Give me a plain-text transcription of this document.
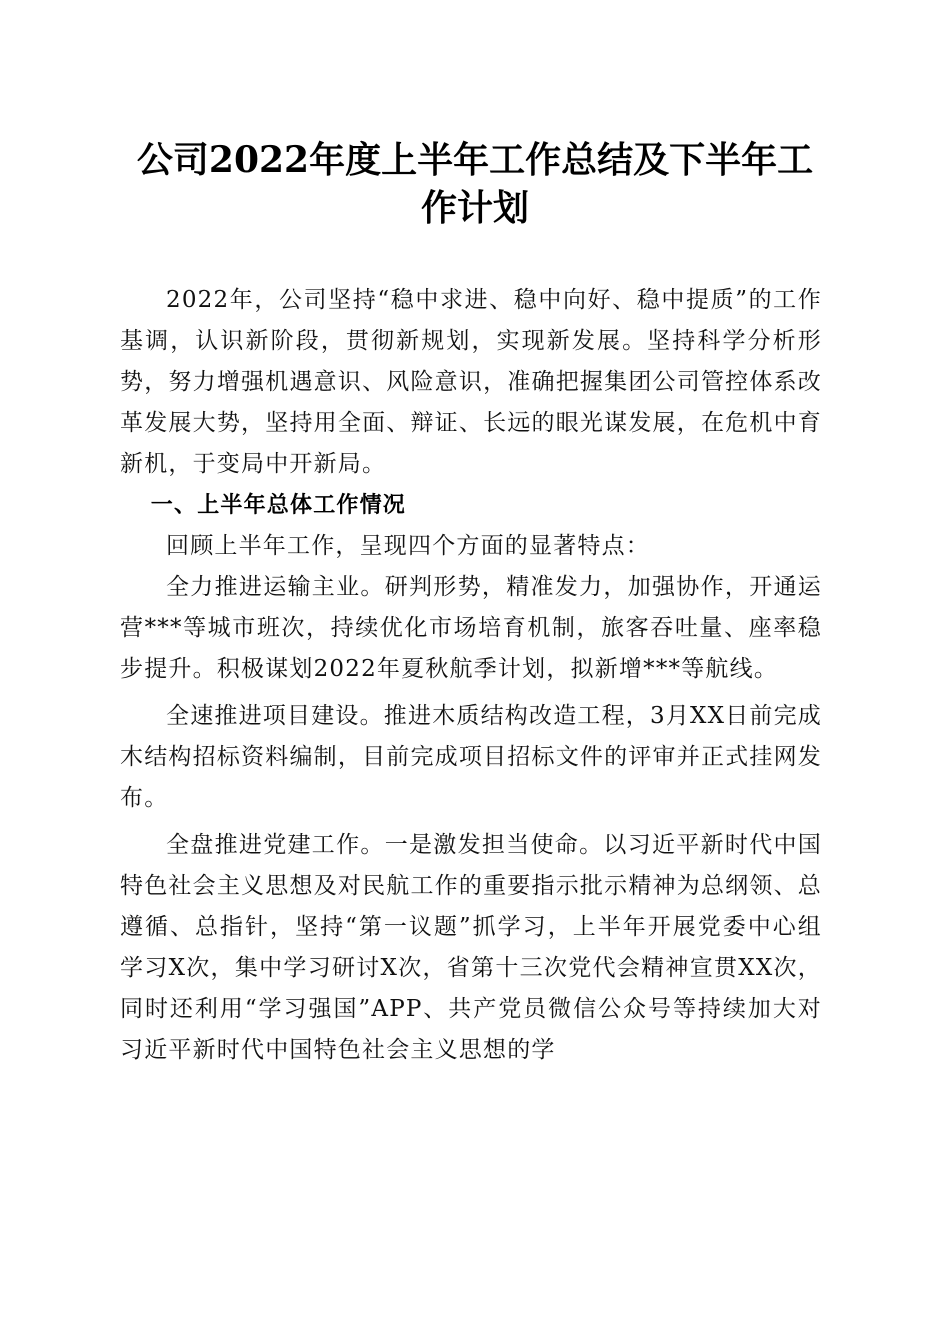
公司2022年度上半年工作总结及下半年工作计划

2022年，公司坚持“稳中求进、稳中向好、稳中提质”的工作基调，认识新阶段，贯彻新规划，实现新发展。坚持科学分析形势，努力增强机遇意识、风险意识，准确把握集团公司管控体系改革发展大势，坚持用全面、辩证、长远的眼光谋发展，在危机中育新机，于变局中开新局。

一、上半年总体工作情况

回顾上半年工作，呈现四个方面的显著特点：

全力推进运输主业。研判形势，精准发力，加强协作，开通运营***等城市班次，持续优化市场培育机制，旅客吞吐量、座率稳步提升。积极谋划2022年夏秋航季计划，拟新增***等航线。

全速推进项目建设。推进木质结构改造工程，3月XX日前完成木结构招标资料编制，目前完成项目招标文件的评审并正式挂网发布。

全盘推进党建工作。一是激发担当使命。以习近平新时代中国特色社会主义思想及对民航工作的重要指示批示精神为总纲领、总遵循、总指针，坚持“第一议题”抓学习，上半年开展党委中心组学习X次，集中学习研讨X次，省第十三次党代会精神宣贯XX次，同时还利用“学习强国”APP、共产党员微信公众号等持续加大对习近平新时代中国特色社会主义思想的学
